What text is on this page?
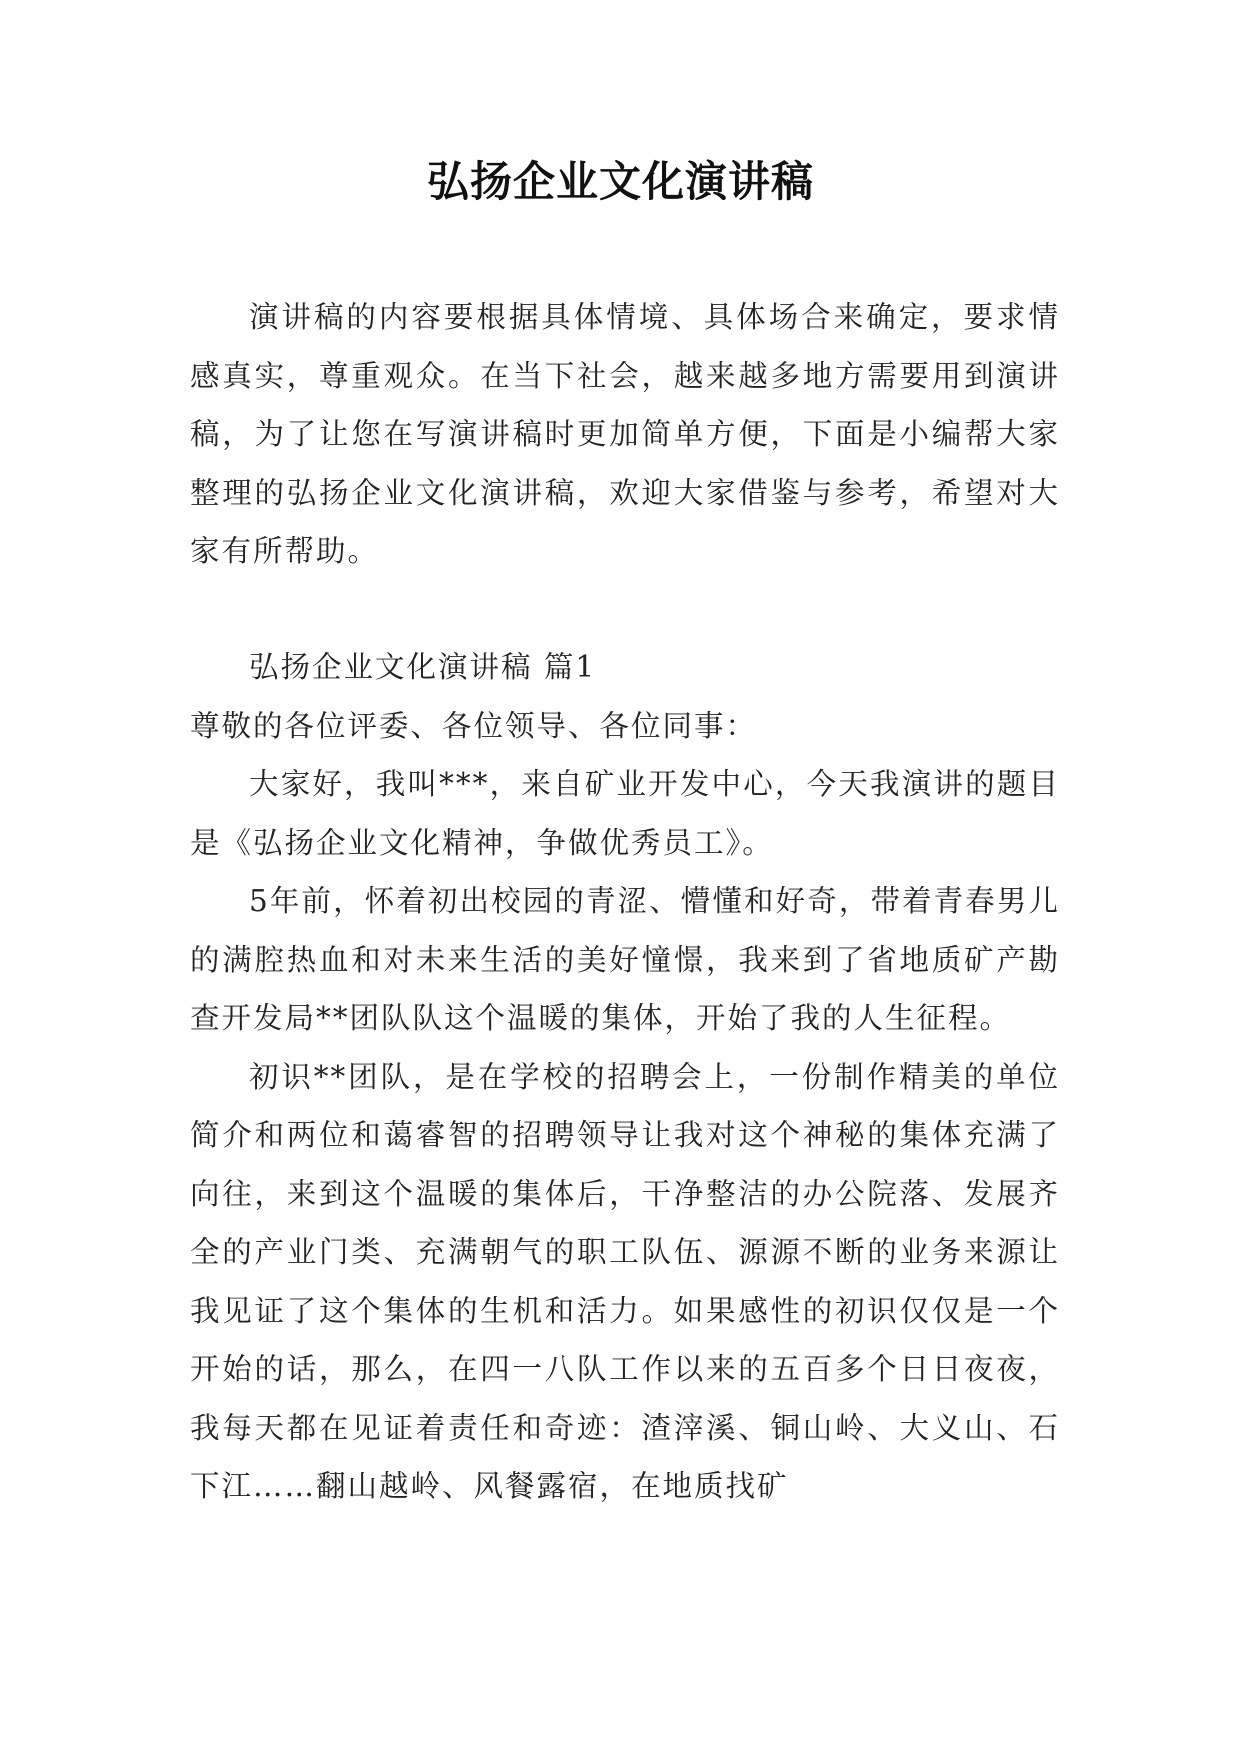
弘扬企业文化演讲稿

演讲稿的内容要根据具体情境、具体场合来确定，要求情感真实，尊重观众。在当下社会，越来越多地方需要用到演讲稿，为了让您在写演讲稿时更加简单方便，下面是小编帮大家整理的弘扬企业文化演讲稿，欢迎大家借鉴与参考，希望对大家有所帮助。

弘扬企业文化演讲稿 篇1

尊敬的各位评委、各位领导、各位同事：

大家好，我叫***，来自矿业开发中心，今天我演讲的题目是《弘扬企业文化精神，争做优秀员工》。

5年前，怀着初出校园的青涩、懵懂和好奇，带着青春男儿的满腔热血和对未来生活的美好憧憬，我来到了省地质矿产勘查开发局**团队队这个温暖的集体，开始了我的人生征程。

初识**团队，是在学校的招聘会上，一份制作精美的单位简介和两位和蔼睿智的招聘领导让我对这个神秘的集体充满了向往，来到这个温暖的集体后，干净整洁的办公院落、发展齐全的产业门类、充满朝气的职工队伍、源源不断的业务来源让我见证了这个集体的生机和活力。如果感性的初识仅仅是一个开始的话，那么，在四一八队工作以来的五百多个日日夜夜，我每天都在见证着责任和奇迹：渣滓溪、铜山岭、大义山、石下江……翻山越岭、风餐露宿，在地质找矿
